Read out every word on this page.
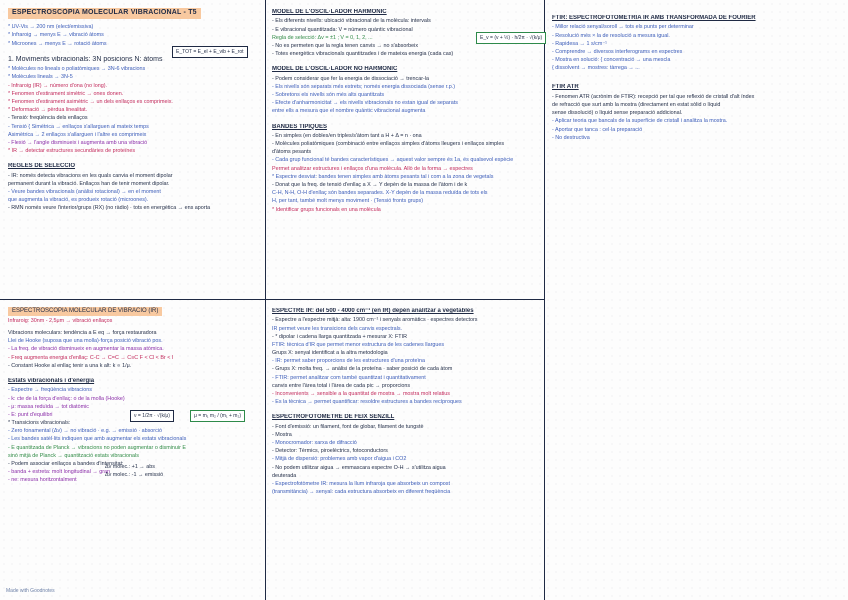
ESPECTROSCÒPIA MOLECULAR VIBRACIONAL - T5

* UV-Vis → 200 nm (elect/emissiva)

* Infraroig → menys E → vibració àtoms

* Microones → menys E → rotació àtoms

1. Moviments vibracionals: 3N posicions N: àtoms

* Molècules no lineals o poliatòmiques → 3N-6 vibracions

* Molècules lineals → 3N-5

- Infraroig (IR) → número d'ona (no long).

* Fenomen d'estirament simètric → ones donen.

* Fenomen d'estirament asimètric → un dels enllaços es comprimeix.

* Deformació → pèrdua linealitat.

- Tensió: freqüència dels enllaços

- Tensió { Simètrica → enllaços s'allarguen al mateix temps

Asimètrica → 2 enllaços s'allarguen i l'altre es comprimeix

- Flexió → l'angle disminueix i augmenta amb una vibració

* IR → detectar estructures secundàries de proteïnes

REGLES DE SELECCIÓ

- IR: només detecta vibracions en les quals canvia el moment dipolar

permanent durant la vibració. Enllaços han de tenir moment dipolar.

- Veure bandes vibracionals (anàlisi rotacional) → en el moment

que augmenta la vibració, es produeix rotació (microones).

- RMN només veure l'interior/grups (RX) (no ràdio) · tots en energètica → ens aporta

E_TOT = E_el + E_vib + E_rot

ESPECTROSCÒPIA MOLECULAR DE VIBRACIÓ (IR)

Infraroig: 30nm - 2,5μm → vibració enllaços

Vibracions moleculars: tendència a E eq → força restauradora

Llei de Hooke (suposa que una molla)·força posició vibració pos.

- La freq. de vibració disminueix en augmentar la massa atòmica.

- Freq augmenta energia d'enllaç: C-C → C=C → C≡C F < Cl < Br < I

- Constant Hooke al enllaç tenir a una k alt: k ∝ 1/μ.

Estats vibracionals i d'energia

- Espectre → freqüència vibracions

- k: cte de la força d'enllaç: o de la molla (Hooke)

- μ: massa reduïda → tot diatòmic

- E: punt d'equilibri

* Transicions vibracionals:

- Zero fonamental (Δv) → no vibració · e.g. → emissió · absorció

- Les bandes satèl·lits indiquen que amb augmentar els estats vibracionals

- E quantitzada de Planck → vibracions no poden augmentar o disminuir E

sinó mitjà de Planck → quantització estats vibracionals

- Podem associar enllaços a bandes d'intensitat:

- banda + estreta: molt longitudinal → gran

- ne: mesura horitzontalment

ν = 1/2π · √(k/μ)	μ = m₁ m₂ / (m₁ + m₂)

Δv molec.: +1 → abs

Δv molec.: -1 → emissió

Made with Goodnotes

MODEL DE L'OSCIL·LADOR HARMÒNIC

- Els diferents nivells: ubicació vibracional de la molècula: intervals

- E vibracional quantitzada: V = número quàntic vibracional

Regla de selecció: Δv = ±1 ; V = 0, 1, 2, ...

- No es permeten que la regla tenen canvis → no s'absorbeix

- Totes energètics vibracionals quantitzades i de mateixa energia (cada cas)

MODEL DE L'OSCIL·LADOR NO HARMÒNIC

- Podem considerar que fer la energia de dissociació → trencar-la

- Els nivells són separats més estrets; només energia dissociada (sense r.p.)

- Sobretons els nivells són més alts quantitzats

- Efecte d'anharmonicitat → els nivells vibracionals no estan igual de separats

entre ells a mesura que el nombre quàntic vibracional augmenta

BANDES TÍPIQUES

- En simples (en dobles/en triples/s'àtom tant a H + Δ = n · ona

- Molècules poliatòmiques (combinació entre enllaços simples d'àtoms lleugers i enllaços simples

d'àtoms pesants

- Cada grup funcional té bandes característiques → aquest valor sempre és 1a, és qualsevol espècie

Permet analitzar estructures i enllaços d'una molècula. Allò de la forma → espectres

* Espectre desviat: bandes tenen simples amb àtoms pesants tal i com a la zona de vegetals

- Donat que la freq. de tensió d'enllaç a X → Y depèn de la massa de l'àtom i de k

C-H, N-H, O-H d'enllaç són bandes separades. X-Y depèn de la massa reduïda de tots els

H, per tant, també molt menys moviment · (Tensió fronts grups)

* Identificar grups funcionals en una molècula

E_v = (v + ½) · h/2π · √(k/μ)

ESPECTRE IR: del 500 - 4000 cm⁻¹ (en IR) depèn analitzar a vegetables

- Espectre a l'espectre mitjà: alta: 1900 cm⁻¹ i senyals aromàtics · espectres detectors

IR permet veure les transicions dels canvis espectrals.

- * dipolar i cadena llarga quantitzada + mesurar X: FTIR

FTIR: tècnica d'IR que permet menor estructura de les cadenes llargues

Grups X: senyal identificat a la altra metodologia

- IR: permet saber proporcions de les estructures d'una proteïna

- Grups X: molta freq. → anàlisi de la proteïna · saber posició de cada àtom

- FTIR: permet analitzar com també quantitzat i quantitativament

canvis entre l'àrea total i l'àrea de cada pic → proporcions

- Inconvenients → sensible a la quantitat de mostra → mostra molt relatius

- Es la tècnica → permet quantificar: resoldre estructures a bandes recíproques

ESPECTROFOTÒMETRE DE FEIX SENZILL

- Font d'emissió: un filament, font de globar, filament de tungstè

- Mostra

- Monocromador: xarxa de difracció

- Detector: Tèrmics, piroelèctrics, fotoconductors

- Mitjà de dispersió: problemes amb vapor d'aigua i CO2

- No podem utilitzar aigua → emmascara espectre O-H → s'utilitza aigua

deuterada

- Espectrofotòmetre IR: mesura la llum infraroja que absorbeix un compost

(transmitància) → senyal: cada estructura absorbeix en diferent freqüència

FTIR: ESPECTROFOTOMETRIA IR AMB TRANSFORMADA DE FOURIER

- Millor relació senyal/soroll → tots els punts per determinar

- Resolució més × la de resolució a mesura igual.

- Rapidesa → 1 s/cm⁻¹

- Comprendre → diversos interferograms en espectres

- Mostra en solució: { concentració → una mescla

{ dissolvent → mostres: tàrrega → ...

FTIR ATR

- Fenomen ATR (acrònim de FTIR): recepció per tal que reflexió de cristall d'alt índex

de refracció que surt amb la mostra (directament en estat sòlid o líquid

sense dissolució) o líquid sense preparació addicional.

- Aplicar teoria que bancals de la superfície de cristall i analitza la mostra.

- Aportar que tanca : cel·la preparació

- No destructiva
